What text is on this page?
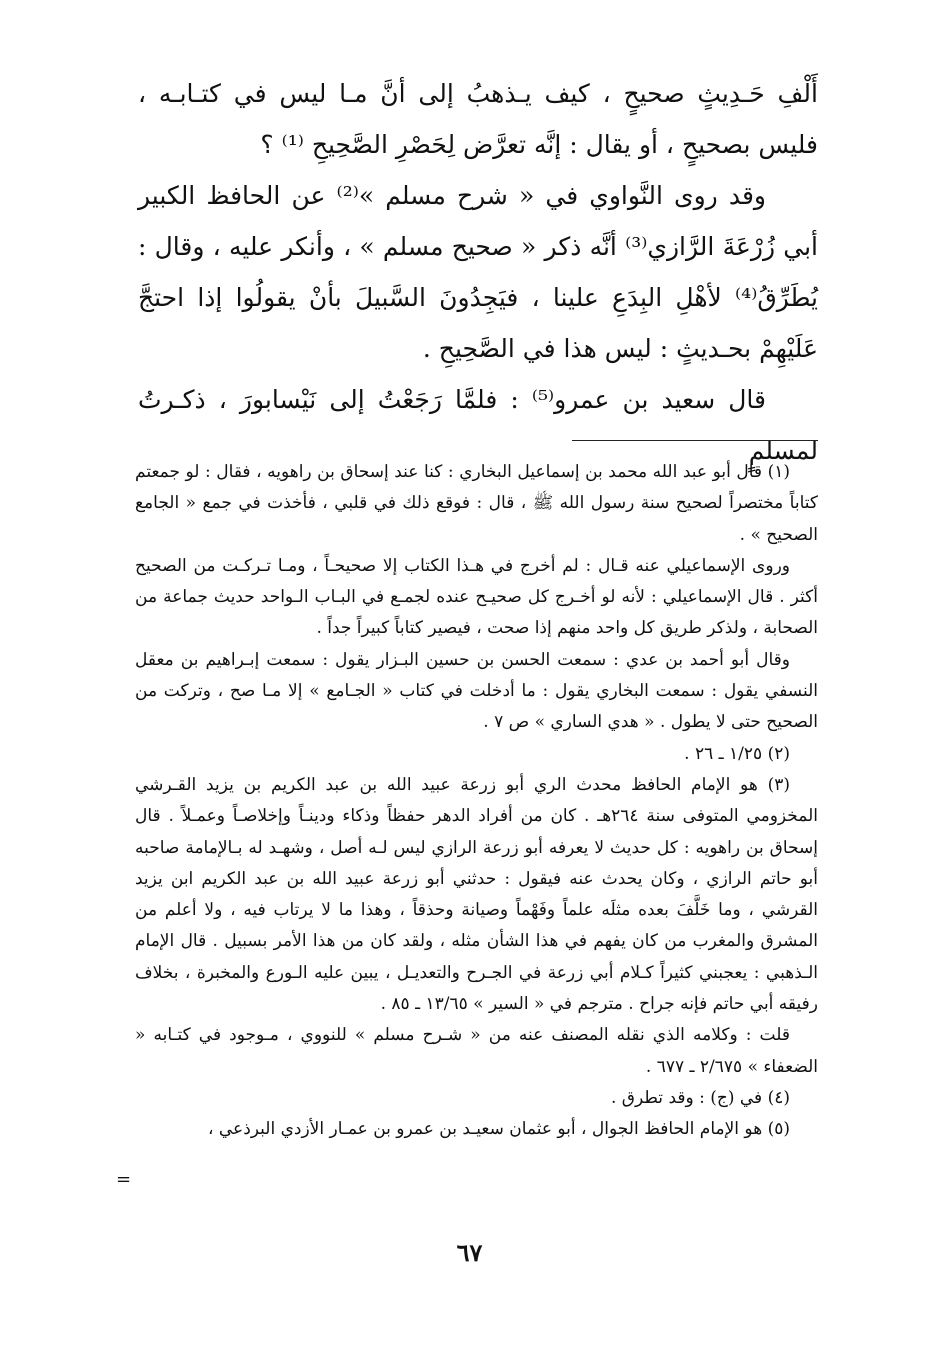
أَلْفِ حَـدِيثٍ صحيحٍ ، كيف يـذهبُ إلى أنَّ مـا ليس في كتـابـه ، فليس بصحيحٍ ، أو يقال : إنَّه تعرَّض لِحَصْرِ الصَّحِيحِ ⁽¹⁾ ؟

وقد روى النَّواوي في « شرح مسلم »⁽²⁾ عن الحافظ الكبير أبي زُرْعَةَ الرَّازي⁽³⁾ أنَّه ذكر « صحيح مسلم » ، وأنكر عليه ، وقال : يُطَرِّقُ⁽⁴⁾ لأهْلِ البِدَعِ علينا ، فيَجِدُونَ السَّبيلَ بأنْ يقولُوا إذا احتجَّ عَلَيْهِمْ بحـديثٍ : ليس هذا في الصَّحِيحِ .

قال سعيد بن عمرو⁽⁵⁾ : فلمَّا رَجَعْتُ إلى نَيْسابورَ ، ذكـرتُ لمسلمٍ

(١) قال أبو عبد الله محمد بن إسماعيل البخاري : كنا عند إسحاق بن راهويه ، فقال : لو جمعتم كتاباً مختصراً لصحيح سنة رسول الله ﷺ ، قال : فوقع ذلك في قلبي ، فأخذت في جمع « الجامع الصحيح » .

وروى الإسماعيلي عنه قـال : لم أخرج في هـذا الكتاب إلا صحيحـاً ، ومـا تـركـت من الصحيح أكثر . قال الإسماعيلي : لأنه لو أخـرج كل صحيـح عنده لجمـع في البـاب الـواحد حديث جماعة من الصحابة ، ولذكر طريق كل واحد منهم إذا صحت ، فيصير كتاباً كبيراً جداً .

وقال أبو أحمد بن عدي : سمعت الحسن بن حسين البـزار يقول : سمعت إبـراهيم بن معقل النسفي يقول : سمعت البخاري يقول : ما أدخلت في كتاب « الجـامع » إلا مـا صح ، وتركت من الصحيح حتى لا يطول . « هدي الساري » ص ٧ .

(٢) ١/٢٥ ـ ٢٦ .

(٣) هو الإمام الحافظ محدث الري أبو زرعة عبيد الله بن عبد الكريم بن يزيد القـرشي المخزومي المتوفى سنة ٢٦٤هـ . كان من أفراد الدهر حفظاً وذكاء ودينـاً وإخلاصـاً وعمـلاً . قال إسحاق بن راهويه : كل حديث لا يعرفه أبو زرعة الرازي ليس لـه أصل ، وشهـد له بـالإمامة صاحبه أبو حاتم الرازي ، وكان يحدث عنه فيقول : حدثني أبو زرعة عبيد الله بن عبد الكريم ابن يزيد القرشي ، وما خَلَّفَ بعده مثلَه علماً وفَهْماً وصيانة وحذقاً ، وهذا ما لا يرتاب فيه ، ولا أعلم من المشرق والمغرب من كان يفهم في هذا الشأن مثله ، ولقد كان من هذا الأمر بسبيل . قال الإمام الـذهبي : يعجبني كثيراً كـلام أبي زرعة في الجـرح والتعديـل ، يبين عليه الـورع والمخبرة ، بخلاف رفيقه أبي حاتم فإنه جراح . مترجم في « السير » ١٣/٦٥ ـ ٨٥ .

قلت : وكلامه الذي نقله المصنف عنه من « شـرح مسلم » للنووي ، مـوجود في كتـابه « الضعفاء » ٢/٦٧٥ ـ ٦٧٧ .

(٤) في (ج) : وقد تطرق .

(٥) هو الإمام الحافظ الجوال ، أبو عثمان سعيـد بن عمرو بن عمـار الأزدي البرذعي ،

=
٦٧
